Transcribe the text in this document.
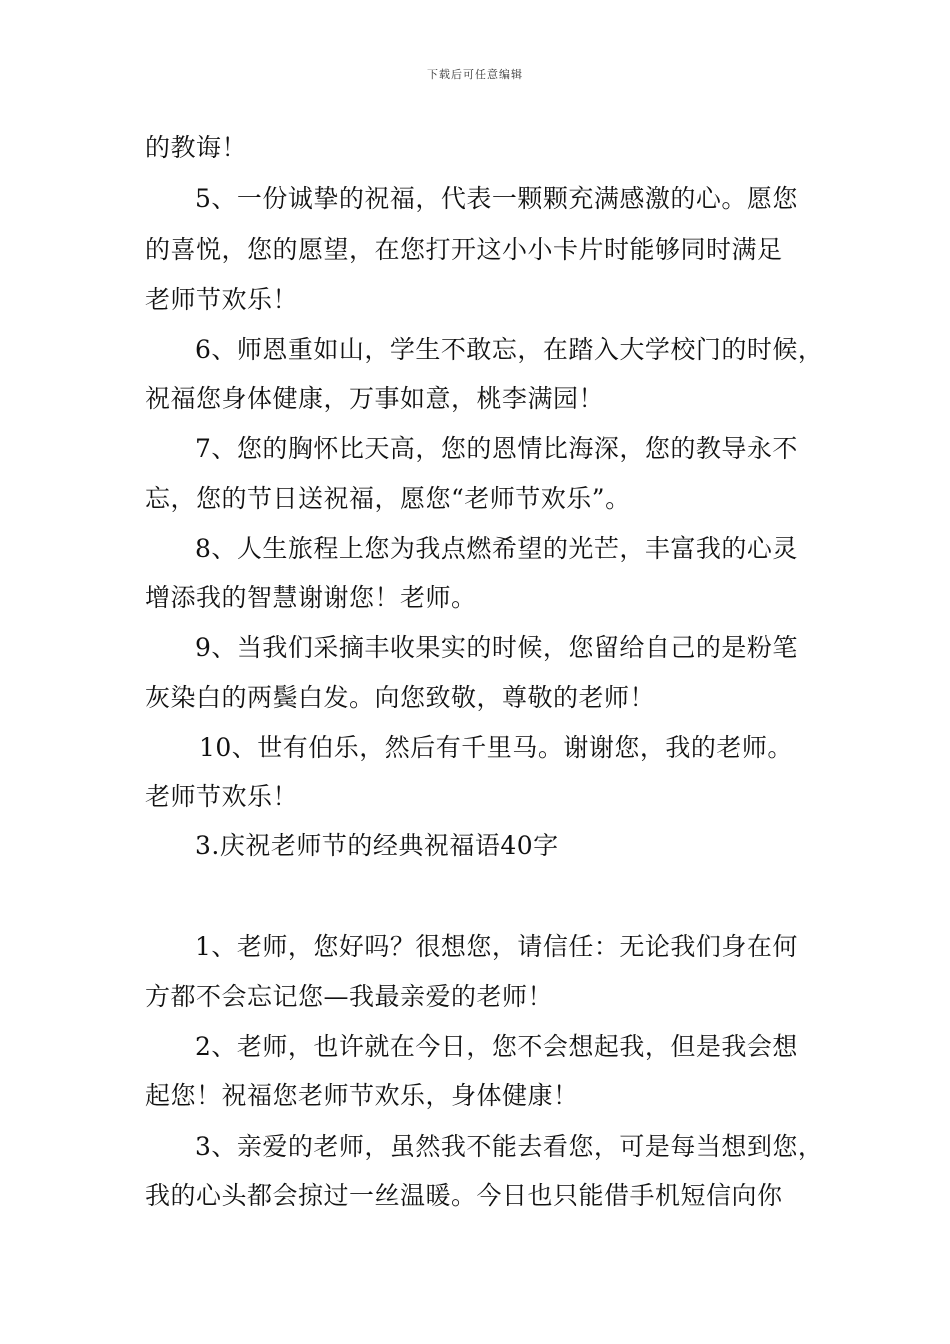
下载后可任意编辑
的教诲！
5、一份诚挚的祝福，代表一颗颗充满感激的心。愿您
的喜悦，您的愿望，在您打开这小小卡片时能够同时满足
老师节欢乐！
6、师恩重如山，学生不敢忘，在踏入大学校门的时候，
祝福您身体健康，万事如意，桃李满园！
7、您的胸怀比天高，您的恩情比海深，您的教导永不
忘，您的节日送祝福，愿您“老师节欢乐”。
8、人生旅程上您为我点燃希望的光芒，丰富我的心灵
增添我的智慧谢谢您！老师。
9、当我们采摘丰收果实的时候，您留给自己的是粉笔
灰染白的两鬓白发。向您致敬，尊敬的老师！
10、世有伯乐，然后有千里马。谢谢您，我的老师。
老师节欢乐！
3.庆祝老师节的经典祝福语40字
1、老师，您好吗？很想您，请信任：无论我们身在何
方都不会忘记您—我最亲爱的老师！
2、老师，也许就在今日，您不会想起我，但是我会想
起您！祝福您老师节欢乐，身体健康！
3、亲爱的老师，虽然我不能去看您，可是每当想到您，
我的心头都会掠过一丝温暖。今日也只能借手机短信向你
